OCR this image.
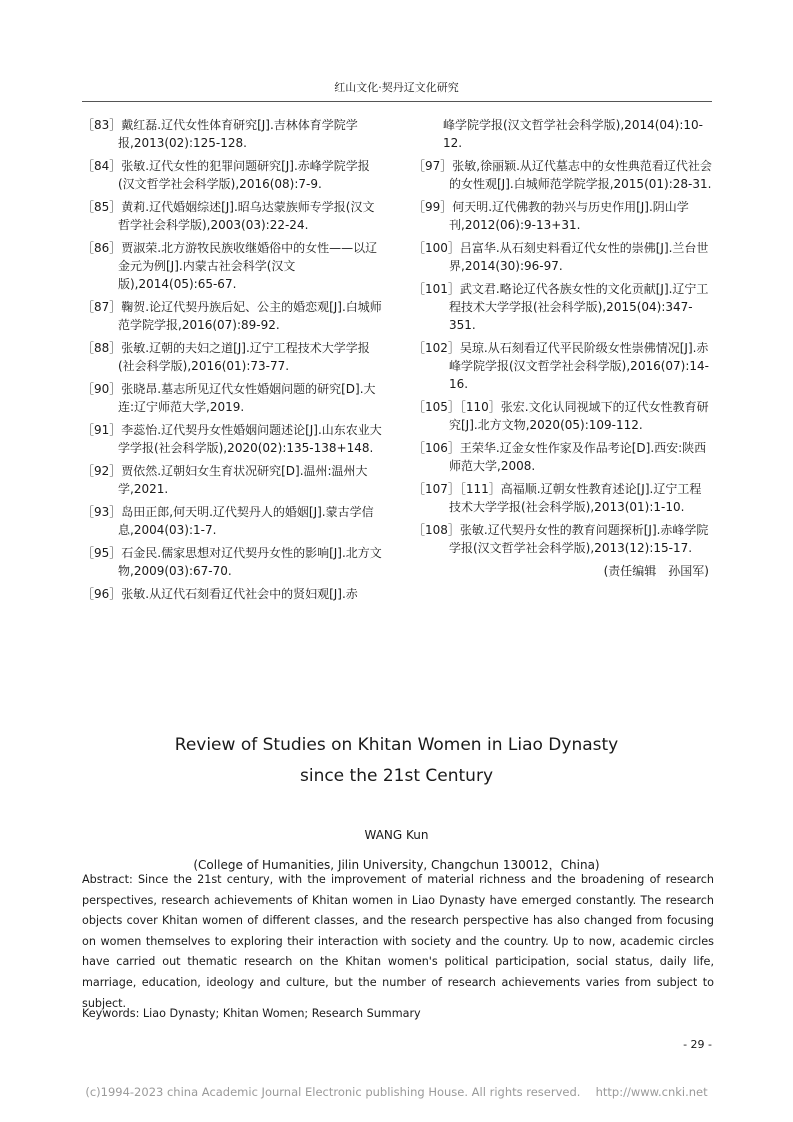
红山文化·契丹辽文化研究

［83］戴红磊.辽代女性体育研究[J].吉林体育学院学报,2013(02):125-128.

［84］张敏.辽代女性的犯罪问题研究[J].赤峰学院学报(汉文哲学社会科学版),2016(08):7-9.

［85］黄莉.辽代婚姻综述[J].昭乌达蒙族师专学报(汉文哲学社会科学版),2003(03):22-24.

［86］贾淑荣.北方游牧民族收继婚俗中的女性——以辽金元为例[J].内蒙古社会科学(汉文版),2014(05):65-67.

［87］鞠贺.论辽代契丹族后妃、公主的婚恋观[J].白城师范学院学报,2016(07):89-92.

［88］张敏.辽朝的夫妇之道[J].辽宁工程技术大学学报(社会科学版),2016(01):73-77.

［90］张晓昂.墓志所见辽代女性婚姻问题的研究[D].大连:辽宁师范大学,2019.

［91］李蕊怡.辽代契丹女性婚姻问题述论[J].山东农业大学学报(社会科学版),2020(02):135-138+148.

［92］贾依然.辽朝妇女生育状况研究[D].温州:温州大学,2021.

［93］岛田正郎,何天明.辽代契丹人的婚姻[J].蒙古学信息,2004(03):1-7.

［95］石金民.儒家思想对辽代契丹女性的影响[J].北方文物,2009(03):67-70.

［96］张敏.从辽代石刻看辽代社会中的贤妇观[J].赤

峰学院学报(汉文哲学社会科学版),2014(04):10-12.

［97］张敏,徐丽颖.从辽代墓志中的女性典范看辽代社会的女性观[J].白城师范学院学报,2015(01):28-31.

［99］何天明.辽代佛教的勃兴与历史作用[J].阴山学刊,2012(06):9-13+31.

［100］吕富华.从石刻史料看辽代女性的崇佛[J].兰台世界,2014(30):96-97.

［101］武文君.略论辽代各族女性的文化贡献[J].辽宁工程技术大学学报(社会科学版),2015(04):347-351.

［102］吴琼.从石刻看辽代平民阶级女性崇佛情况[J].赤峰学院学报(汉文哲学社会科学版),2016(07):14-16.

［105］［110］张宏.文化认同视域下的辽代女性教育研究[J].北方文物,2020(05):109-112.

［106］王荣华.辽金女性作家及作品考论[D].西安:陕西师范大学,2008.

［107］［111］高福顺.辽朝女性教育述论[J].辽宁工程技术大学学报(社会科学版),2013(01):1-10.

［108］张敏.辽代契丹女性的教育问题探析[J].赤峰学院学报(汉文哲学社会科学版),2013(12):15-17.

(责任编辑　孙国军)
Review of Studies on Khitan Women in Liao Dynasty
since the 21st Century
WANG Kun
(College of Humanities, Jilin University, Changchun 130012，China)

Abstract: Since the 21st century, with the improvement of material richness and the broadening of research perspectives, research achievements of Khitan women in Liao Dynasty have emerged constantly. The research objects cover Khitan women of different classes, and the research perspective has also changed from focusing on women themselves to exploring their interaction with society and the country. Up to now, academic circles have carried out thematic research on the Khitan women's political participation, social status, daily life, marriage, education, ideology and culture, but the number of research achievements varies from subject to subject.

Keywords: Liao Dynasty; Khitan Women; Research Summary
- 29 -
(c)1994-2023 china Academic Journal Electronic publishing House. All rights reserved.　 http://www.cnki.net
